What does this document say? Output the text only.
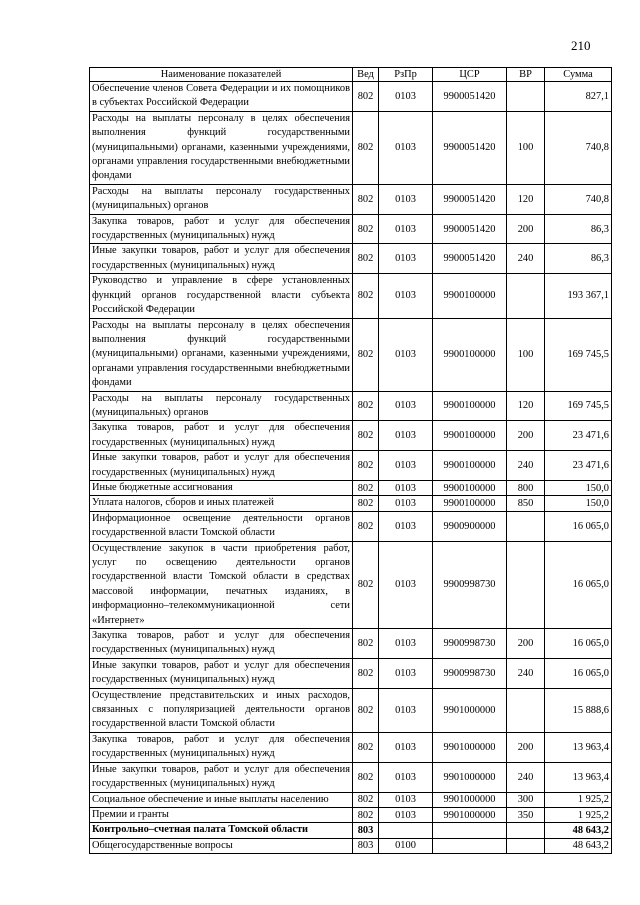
210
Наименование показателей	Вед	РзПр	ЦСР	ВР	Сумма
Обеспечение членов Совета Федерации и их помощников в субъектах Российской Федерации	802	0103	9900051420		827,1
Расходы на выплаты персоналу в целях обеспечения выполнения функций государственными (муниципальными) органами, казенными учреждениями, органами управления государственными внебюджетными фондами	802	0103	9900051420	100	740,8
Расходы на выплаты персоналу государственных (муниципальных) органов	802	0103	9900051420	120	740,8
Закупка товаров, работ и услуг для обеспечения государственных (муниципальных) нужд	802	0103	9900051420	200	86,3
Иные закупки товаров, работ и услуг для обеспечения государственных (муниципальных) нужд	802	0103	9900051420	240	86,3
Руководство и управление в сфере установленных функций органов государственной власти субъекта Российской Федерации	802	0103	9900100000		193 367,1
Расходы на выплаты персоналу в целях обеспечения выполнения функций государственными (муниципальными) органами, казенными учреждениями, органами управления государственными внебюджетными фондами	802	0103	9900100000	100	169 745,5
Расходы на выплаты персоналу государственных (муниципальных) органов	802	0103	9900100000	120	169 745,5
Закупка товаров, работ и услуг для обеспечения государственных (муниципальных) нужд	802	0103	9900100000	200	23 471,6
Иные закупки товаров, работ и услуг для обеспечения государственных (муниципальных) нужд	802	0103	9900100000	240	23 471,6
Иные бюджетные ассигнования	802	0103	9900100000	800	150,0
Уплата налогов, сборов и иных платежей	802	0103	9900100000	850	150,0
Информационное освещение деятельности органов государственной власти Томской области	802	0103	9900900000		16 065,0
Осуществление закупок в части приобретения работ, услуг по освещению деятельности органов государственной власти Томской области в средствах массовой информации, печатных изданиях, в информационно–телекоммуникационной сети «Интернет»	802	0103	9900998730		16 065,0
Закупка товаров, работ и услуг для обеспечения государственных (муниципальных) нужд	802	0103	9900998730	200	16 065,0
Иные закупки товаров, работ и услуг для обеспечения государственных (муниципальных) нужд	802	0103	9900998730	240	16 065,0
Осуществление представительских и иных расходов, связанных с популяризацией деятельности органов государственной власти Томской области	802	0103	9901000000		15 888,6
Закупка товаров, работ и услуг для обеспечения государственных (муниципальных) нужд	802	0103	9901000000	200	13 963,4
Иные закупки товаров, работ и услуг для обеспечения государственных (муниципальных) нужд	802	0103	9901000000	240	13 963,4
Социальное обеспечение и иные выплаты населению	802	0103	9901000000	300	1 925,2
Премии и гранты	802	0103	9901000000	350	1 925,2
Контрольно–счетная палата Томской области	803				48 643,2
Общегосударственные вопросы	803	0100			48 643,2
